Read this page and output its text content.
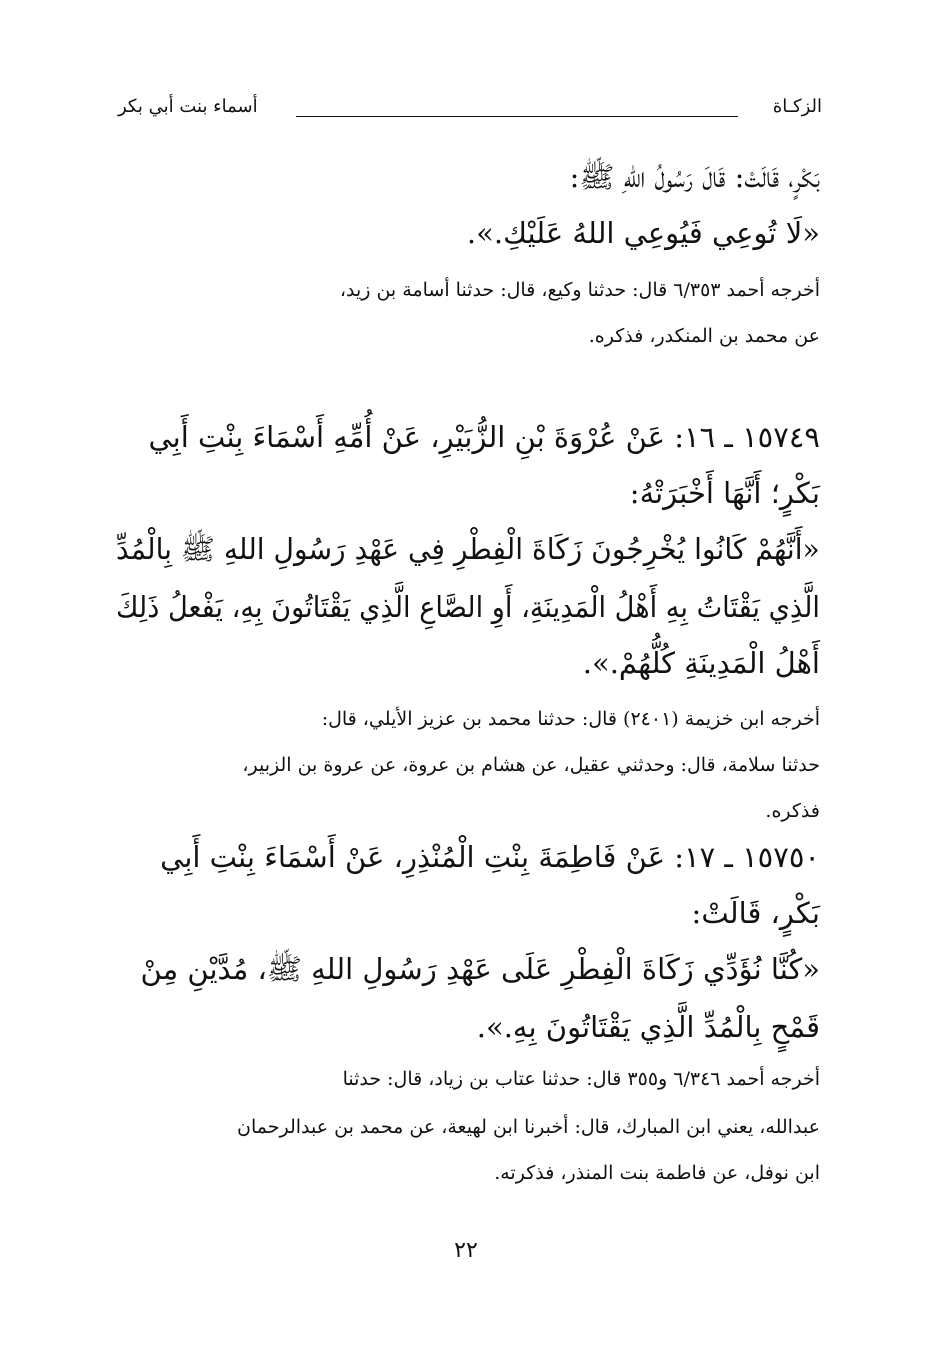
الزكـاة
أسماء بنت أبي بكر
بَكْرٍ، قَالَتْ: قَالَ رَسُولُ اللهِ ﷺ:
«لَا تُوعِي فَيُوعِي اللهُ عَلَيْكِ.».
أخرجه أحمد ٦/٣٥٣ قال: حدثنا وكيع، قال: حدثنا أسامة بن زيد،
عن محمد بن المنكدر، فذكره.
١٥٧٤٩ ـ ١٦: عَنْ عُرْوَةَ بْنِ الزُّبَيْرِ، عَنْ أُمِّهِ أَسْمَاءَ بِنْتِ أَبِي
بَكْرٍ؛ أَنَّهَا أَخْبَرَتْهُ:
«أَنَّهُمْ كَانُوا يُخْرِجُونَ زَكَاةَ الْفِطْرِ فِي عَهْدِ رَسُولِ اللهِ ﷺ بِالْمُدِّ
الَّذِي يَقْتَاتُ بِهِ أَهْلُ الْمَدِينَةِ، أَوِ الصَّاعِ الَّذِي يَقْتَاتُونَ بِهِ، يَفْعلُ ذَلِكَ
أَهْلُ الْمَدِينَةِ كُلُّهُمْ.».
أخرجه ابن خزيمة (٢٤٠١) قال: حدثنا محمد بن عزيز الأيلي، قال:
حدثنا سلامة، قال: وحدثني عقيل، عن هشام بن عروة، عن عروة بن الزبير،
فذكره.
١٥٧٥٠ ـ ١٧: عَنْ فَاطِمَةَ بِنْتِ الْمُنْذِرِ، عَنْ أَسْمَاءَ بِنْتِ أَبِي
بَكْرٍ، قَالَتْ:
«كُنَّا نُؤَدِّي زَكَاةَ الْفِطْرِ عَلَى عَهْدِ رَسُولِ اللهِ ﷺ، مُدَّيْنِ مِنْ
قَمْحٍ بِالْمُدِّ الَّذِي يَقْتَاتُونَ بِهِ.».
أخرجه أحمد ٦/٣٤٦ و٣٥٥ قال: حدثنا عتاب بن زياد، قال: حدثنا
عبدالله، يعني ابن المبارك، قال: أخبرنا ابن لهيعة، عن محمد بن عبدالرحمان
ابن نوفل، عن فاطمة بنت المنذر، فذكرته.
٢٢
